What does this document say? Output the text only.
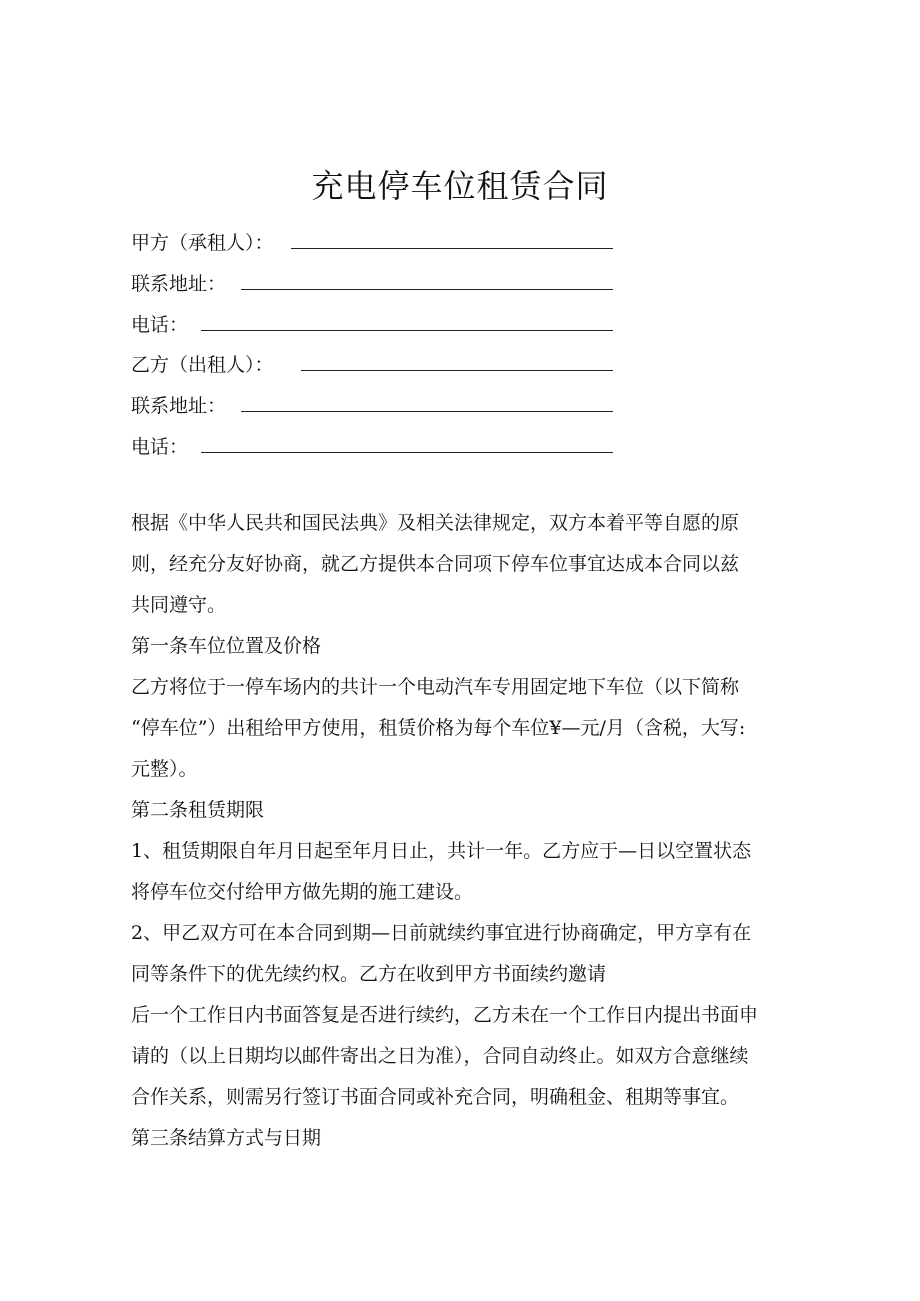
充电停车位租赁合同
甲方（承租人）：
联系地址：
电话：
乙方（出租人）：
联系地址：
电话：
根据《中华人民共和国民法典》及相关法律规定，双方本着平等自愿的原
则，经充分友好协商，就乙方提供本合同项下停车位事宜达成本合同以兹
共同遵守。
第一条车位位置及价格
乙方将位于一停车场内的共计一个电动汽车专用固定地下车位（以下简称
“停车位”）出租给甲方使用，租赁价格为每个车位¥—元/月（含税，大写:
元整）。
第二条租赁期限
1、租赁期限自年月日起至年月日止，共计一年。乙方应于—日以空置状态
将停车位交付给甲方做先期的施工建设。
2、甲乙双方可在本合同到期—日前就续约事宜进行协商确定，甲方享有在
同等条件下的优先续约权。乙方在收到甲方书面续约邀请
后一个工作日内书面答复是否进行续约，乙方未在一个工作日内提出书面申
请的（以上日期均以邮件寄出之日为准），合同自动终止。如双方合意继续
合作关系，则需另行签订书面合同或补充合同，明确租金、租期等事宜。
第三条结算方式与日期
